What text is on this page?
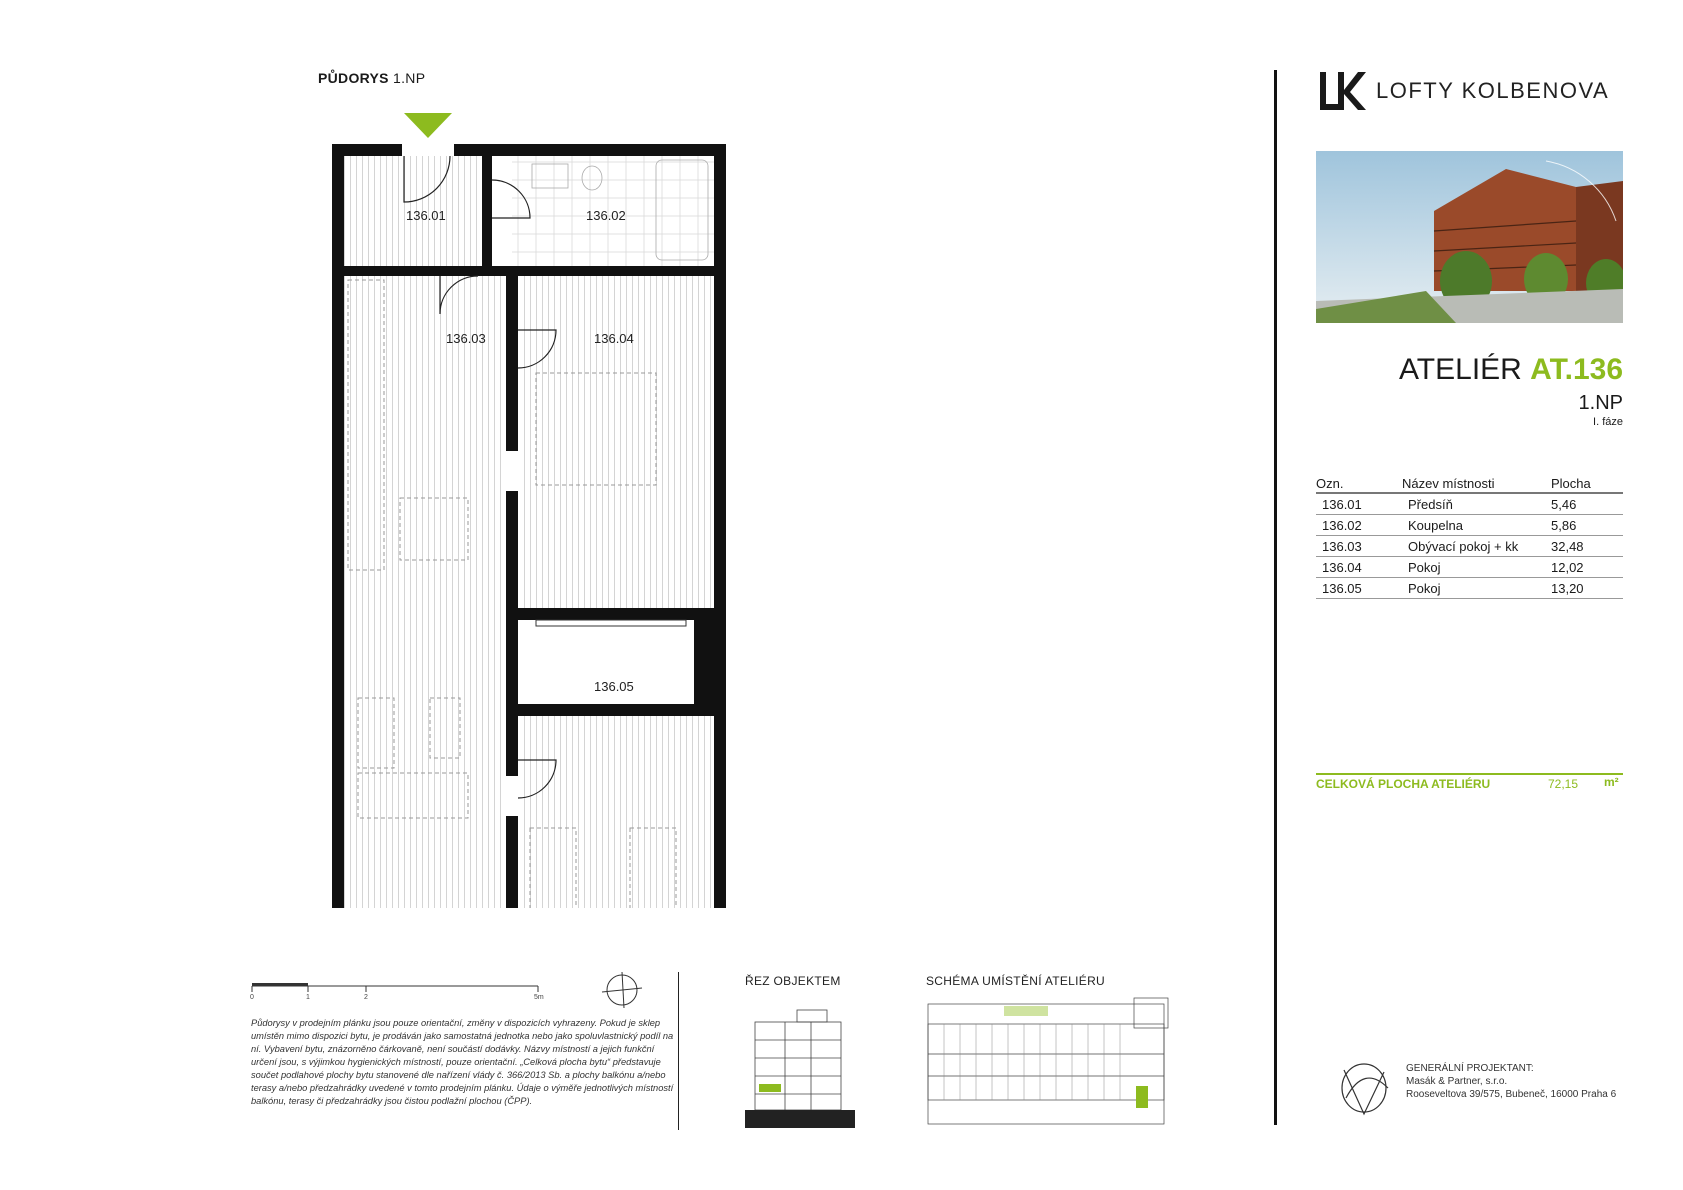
PŮDORYS 1.NP
136.01	136.02
136.03	136.04
136.05
0	1	2	5m
Půdorysy v prodejním plánku jsou pouze orientační, změny v dispozicích vyhrazeny. Pokud je sklep umístěn mimo dispozici bytu, je prodáván jako samostatná jednotka nebo jako spoluvlastnický podíl na ní. Vybavení bytu, znázorněno čárkovaně, není součástí dodávky. Názvy místností a jejich funkční určení jsou, s výjimkou hygienických místností, pouze orientační. „Celková plocha bytu“ představuje součet podlahové plochy bytu stanovené dle nařízení vlády č. 366/2013 Sb. a plochy balkónu a/nebo terasy a/nebo předzahrádky uvedené v tomto prodejním plánku. Údaje o výměře jednotlivých místností balkónu, terasy či předzahrádky jsou čistou podlažní plochou (ČPP).
ŘEZ OBJEKTEM	SCHÉMA UMÍSTĚNÍ ATELIÉRU
LOFTY KOLBENOVA
ATELIÉR AT.136
1.NP
I. fáze
Ozn.	Název místnosti	Plocha
136.01	Předsíň	5,46
136.02	Koupelna	5,86
136.03	Obývací pokoj + kk	32,48
136.04	Pokoj	12,02
136.05	Pokoj	13,20
CELKOVÁ PLOCHA ATELIÉRU	72,15 m²
GENERÁLNÍ PROJEKTANT:
Masák & Partner, s.r.o.
Rooseveltova 39/575, Bubeneč, 16000 Praha 6
